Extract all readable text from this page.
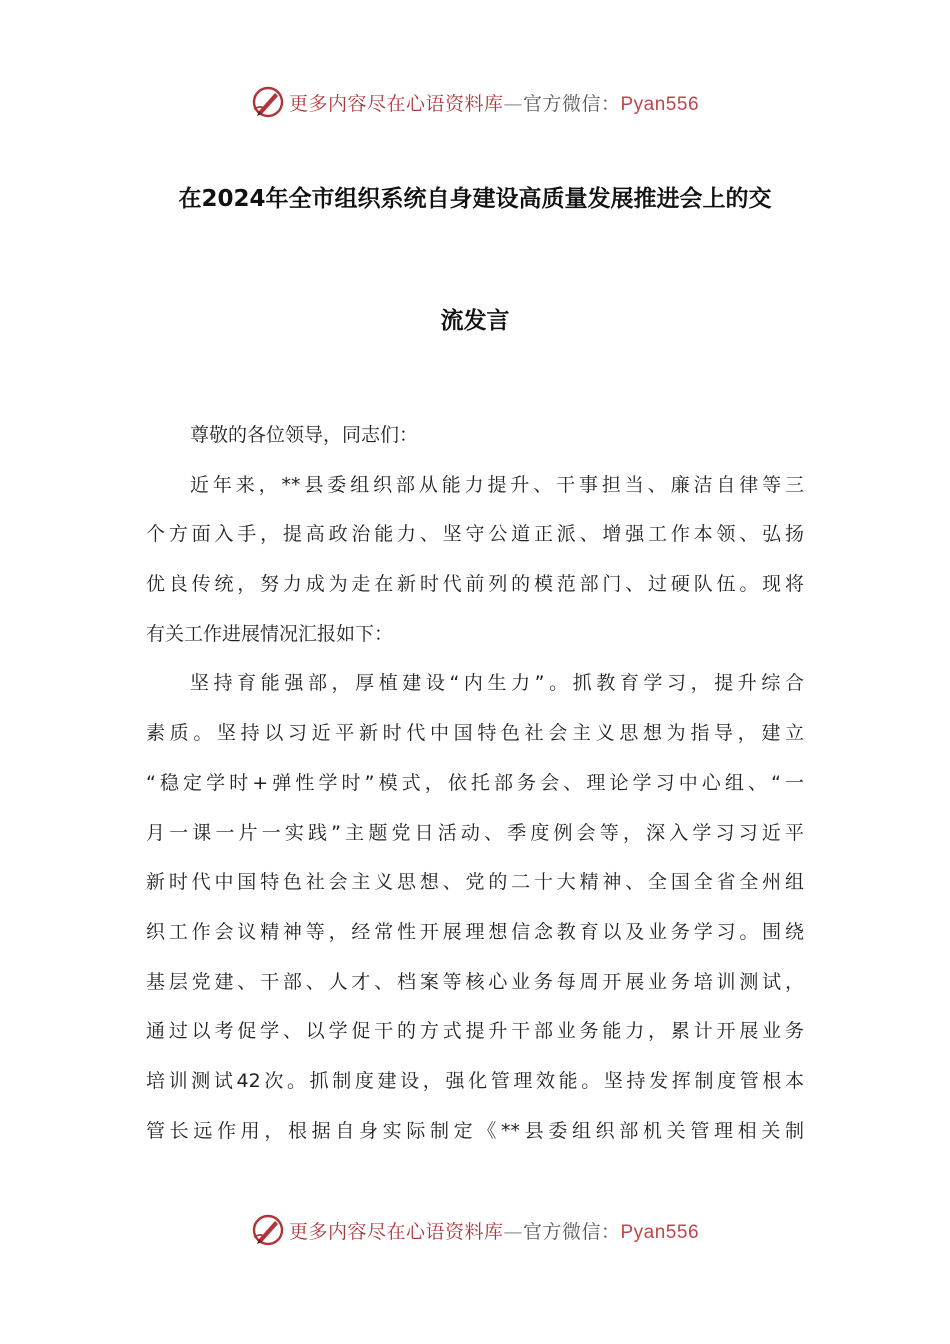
更多内容尽在心语资料库—官方微信：Pyan556
在2024年全市组织系统自身建设高质量发展推进会上的交
流发言
尊敬的各位领导，同志们：
近年来，**县委组织部从能力提升、干事担当、廉洁自律等三
个方面入手，提高政治能力、坚守公道正派、增强工作本领、弘扬
优良传统，努力成为走在新时代前列的模范部门、过硬队伍。现将
有关工作进展情况汇报如下：
坚持育能强部，厚植建设“内生力”。抓教育学习，提升综合
素质。坚持以习近平新时代中国特色社会主义思想为指导，建立
“稳定学时+弹性学时”模式，依托部务会、理论学习中心组、“一
月一课一片一实践”主题党日活动、季度例会等，深入学习习近平
新时代中国特色社会主义思想、党的二十大精神、全国全省全州组
织工作会议精神等，经常性开展理想信念教育以及业务学习。围绕
基层党建、干部、人才、档案等核心业务每周开展业务培训测试，
通过以考促学、以学促干的方式提升干部业务能力，累计开展业务
培训测试42次。抓制度建设，强化管理效能。坚持发挥制度管根本
管长远作用，根据自身实际制定《**县委组织部机关管理相关制
更多内容尽在心语资料库—官方微信：Pyan556
